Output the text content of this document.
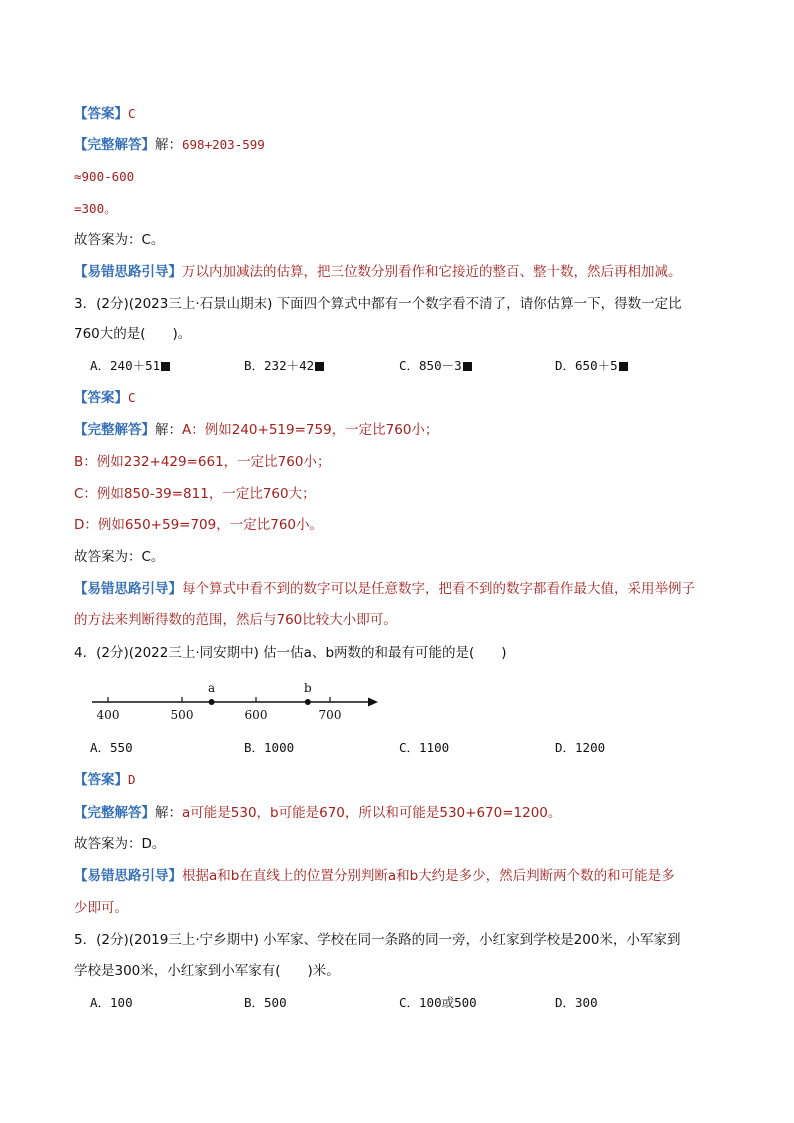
【答案】C
【完整解答】解：698+203-599
≈900-600
=300。
故答案为：C。
【易错思路引导】万以内加减法的估算，把三位数分别看作和它接近的整百、整十数，然后再相加减。
3．(2分)(2023三上·石景山期末) 下面四个算式中都有一个数字看不清了，请你估算一下，得数一定比
760大的是(　　)。
A．240＋51	B．232＋42	C．850－3	D．650＋5
【答案】C
【完整解答】解：A：例如240+519=759，一定比760小；
B：例如232+429=661，一定比760小；
C：例如850-39=811，一定比760大；
D：例如650+59=709，一定比760小。
故答案为：C。
【易错思路引导】每个算式中看不到的数字可以是任意数字，把看不到的数字都看作最大值，采用举例子
的方法来判断得数的范围，然后与760比较大小即可。
4．(2分)(2022三上·同安期中) 估一估a、b两数的和最有可能的是(　　)
400	500	600	700
a	b
A．550	B．1000	C．1100	D．1200
【答案】D
【完整解答】解：a可能是530，b可能是670，所以和可能是530+670=1200。
故答案为：D。
【易错思路引导】根据a和b在直线上的位置分别判断a和b大约是多少，然后判断两个数的和可能是多
少即可。
5．(2分)(2019三上·宁乡期中) 小军家、学校在同一条路的同一旁，小红家到学校是200米，小军家到
学校是300米，小红家到小军家有(　　)米。
A．100	B．500	C．100或500	D．300
